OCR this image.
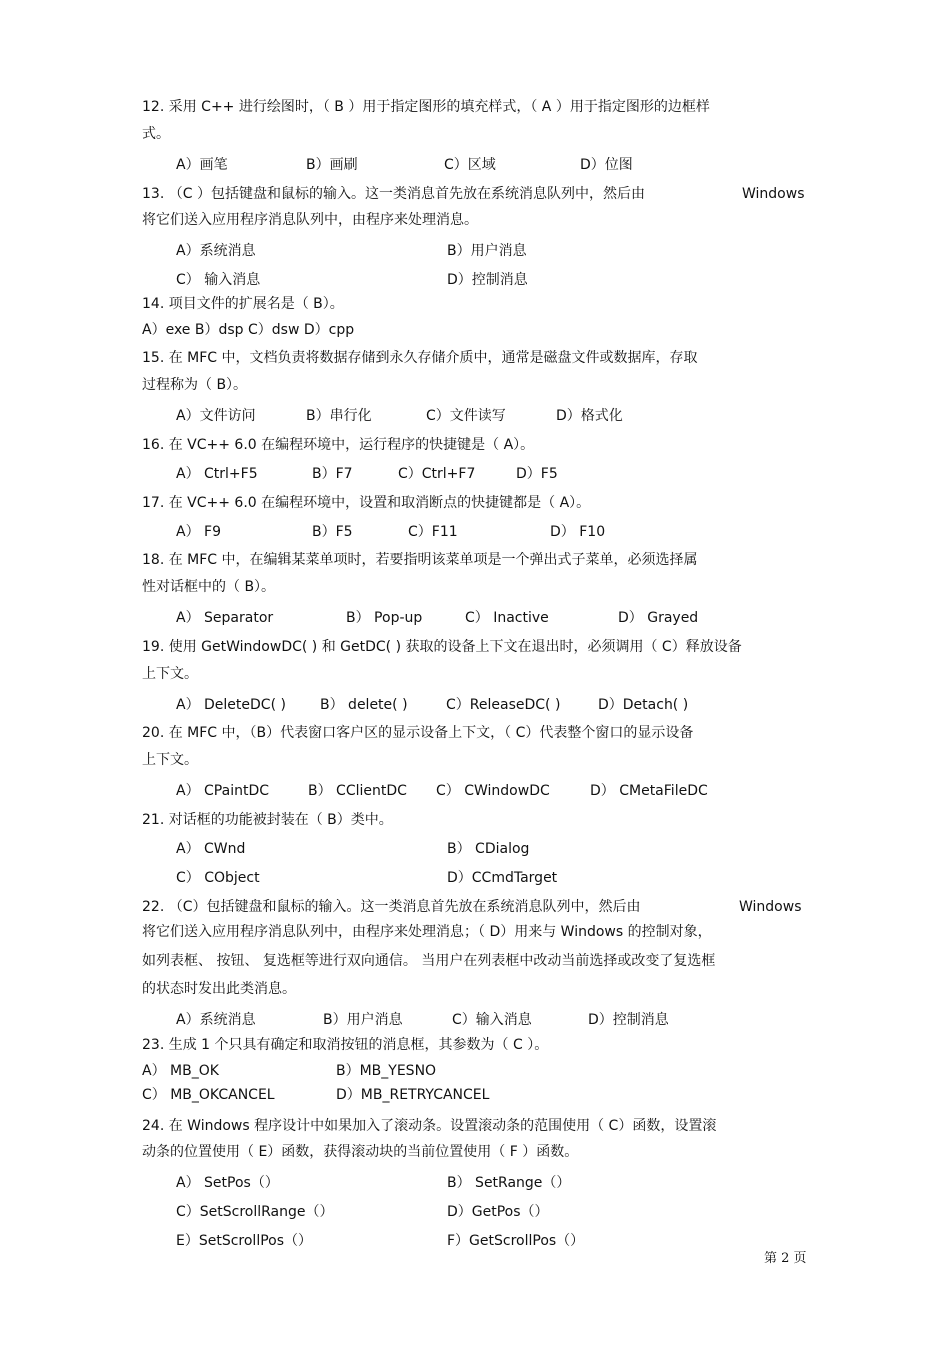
12. 采用 C++ 进行绘图时，（ B ）用于指定图形的填充样式，（ A ）用于指定图形的边框样
式。
A）画笔	B）画刷	C）区域	D）位图
13. （C ）包括键盘和鼠标的输入。这一类消息首先放在系统消息队列中，然后由	Windows
将它们送入应用程序消息队列中，由程序来处理消息。
A）系统消息	B）用户消息
C） 输入消息	D）控制消息
14. 项目文件的扩展名是（ B）。
A）exe B）dsp C）dsw D）cpp
15. 在 MFC 中，文档负责将数据存储到永久存储介质中，通常是磁盘文件或数据库，存取
过程称为（ B）。
A）文件访问	B）串行化	C）文件读写	D）格式化
16. 在 VC++ 6.0 在编程环境中，运行程序的快捷键是（ A）。
A） Ctrl+F5	B）F7	C）Ctrl+F7	D）F5
17. 在 VC++ 6.0 在编程环境中，设置和取消断点的快捷键都是（ A）。
A） F9	B）F5	C）F11	D） F10
18. 在 MFC 中，在编辑某菜单项时，若要指明该菜单项是一个弹出式子菜单，必须选择属
性对话框中的（ B）。
A） Separator	B） Pop-up	C） Inactive	D） Grayed
19. 使用 GetWindowDC( ) 和 GetDC( ) 获取的设备上下文在退出时，必须调用（ C）释放设备
上下文。
A） DeleteDC( ) B） delete( )	C）ReleaseDC( )	D）Detach( )
20. 在 MFC 中，（B）代表窗口客户区的显示设备上下文，（ C）代表整个窗口的显示设备
上下文。
A） CPaintDC	B） CClientDC C） CWindowDC	D） CMetaFileDC
21. 对话框的功能被封装在（ B）类中。
A） CWnd	B） CDialog
C） CObject	D）CCmdTarget
22. （C）包括键盘和鼠标的输入。这一类消息首先放在系统消息队列中，然后由	Windows
将它们送入应用程序消息队列中，由程序来处理消息；（ D）用来与 Windows 的控制对象，
如列表框、 按钮、 复选框等进行双向通信。 当用户在列表框中改动当前选择或改变了复选框
的状态时发出此类消息。
A）系统消息	B）用户消息	C）输入消息	D）控制消息
23. 生成 1 个只具有确定和取消按钮的消息框，其参数为（ C ）。
A） MB_OK	B）MB_YESNO
C） MB_OKCANCEL	D）MB_RETRYCANCEL
24. 在 Windows 程序设计中如果加入了滚动条。设置滚动条的范围使用（ C）函数，设置滚
动条的位置使用（ E）函数，获得滚动块的当前位置使用（ F ）函数。
A） SetPos（）	B） SetRange（）
C）SetScrollRange（）	D）GetPos（）
E）SetScrollPos（）	F）GetScrollPos（）
第 2 页
